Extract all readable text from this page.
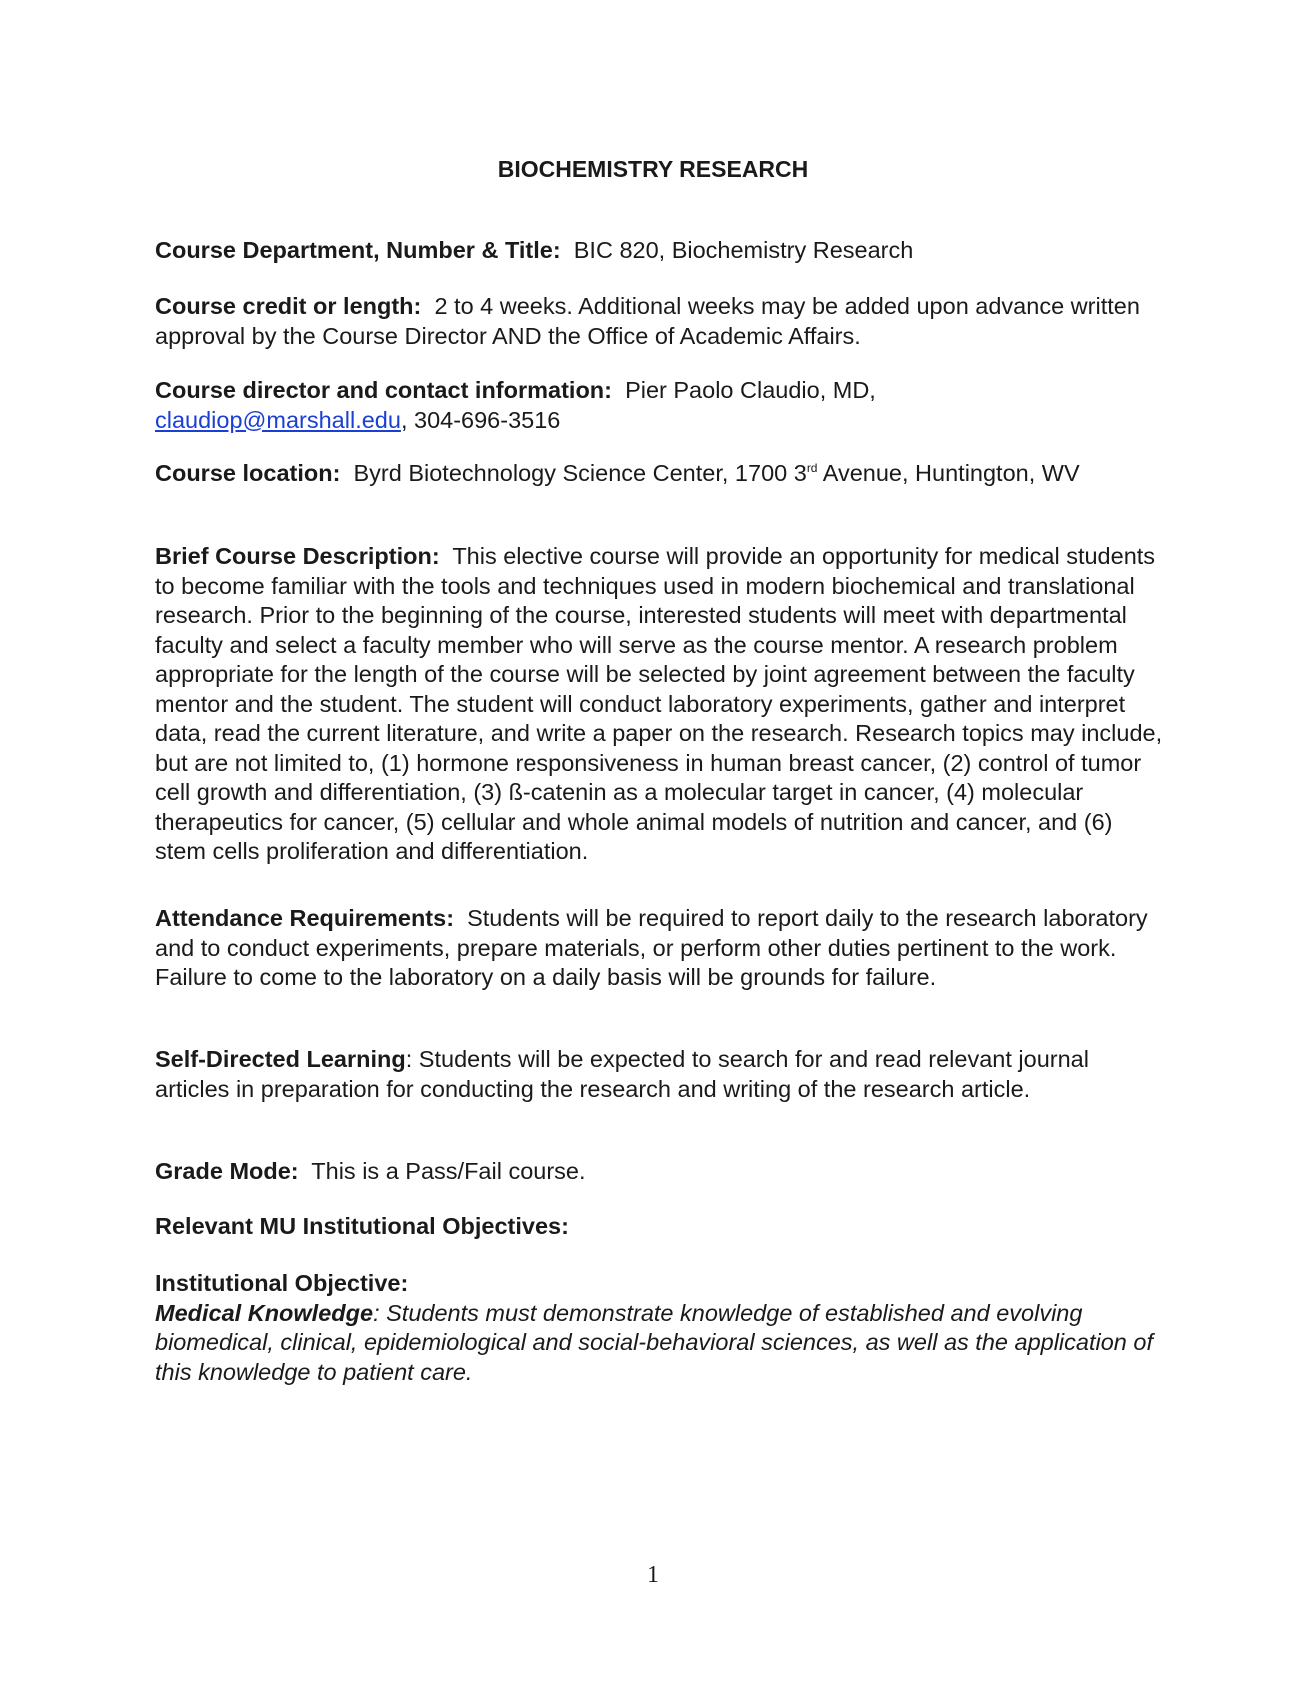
BIOCHEMISTRY RESEARCH

Course Department, Number & Title: BIC 820, Biochemistry Research

Course credit or length: 2 to 4 weeks. Additional weeks may be added upon advance written approval by the Course Director AND the Office of Academic Affairs.

Course director and contact information: Pier Paolo Claudio, MD,
claudiop@marshall.edu, 304-696-3516

Course location: Byrd Biotechnology Science Center, 1700 3rd Avenue, Huntington, WV

Brief Course Description: This elective course will provide an opportunity for medical students to become familiar with the tools and techniques used in modern biochemical and translational research. Prior to the beginning of the course, interested students will meet with departmental faculty and select a faculty member who will serve as the course mentor. A research problem appropriate for the length of the course will be selected by joint agreement between the faculty mentor and the student. The student will conduct laboratory experiments, gather and interpret data, read the current literature, and write a paper on the research. Research topics may include, but are not limited to, (1) hormone responsiveness in human breast cancer, (2) control of tumor cell growth and differentiation, (3) ß-catenin as a molecular target in cancer, (4) molecular therapeutics for cancer, (5) cellular and whole animal models of nutrition and cancer, and (6) stem cells proliferation and differentiation.

Attendance Requirements: Students will be required to report daily to the research laboratory and to conduct experiments, prepare materials, or perform other duties pertinent to the work. Failure to come to the laboratory on a daily basis will be grounds for failure.

Self-Directed Learning: Students will be expected to search for and read relevant journal articles in preparation for conducting the research and writing of the research article.

Grade Mode: This is a Pass/Fail course.

Relevant MU Institutional Objectives:

Institutional Objective:
Medical Knowledge: Students must demonstrate knowledge of established and evolving biomedical, clinical, epidemiological and social-behavioral sciences, as well as the application of this knowledge to patient care.

1
